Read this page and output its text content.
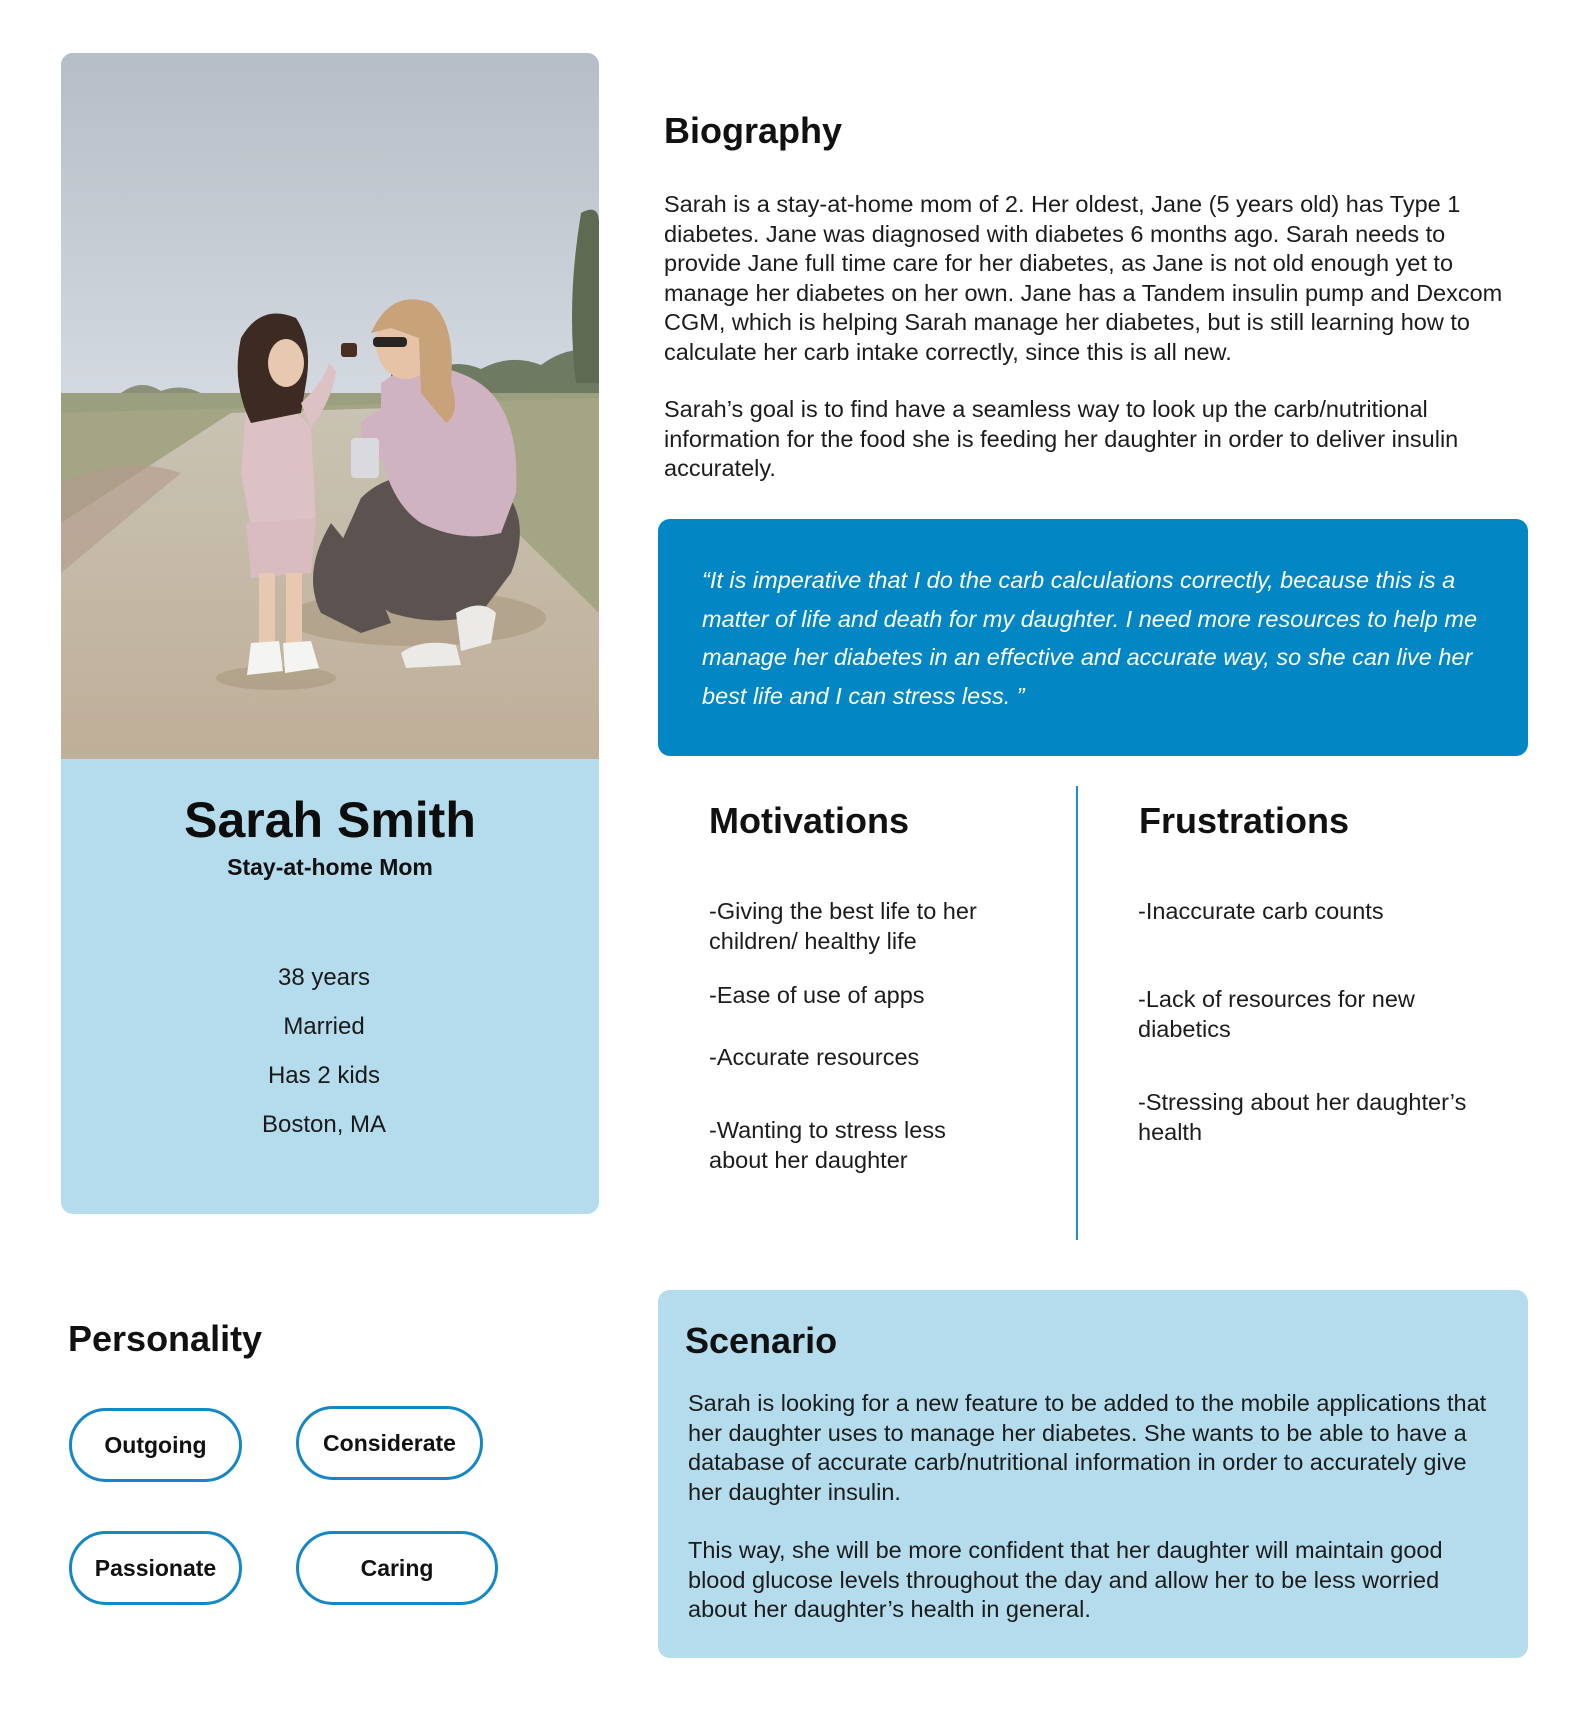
Sarah Smith
Stay-at-home Mom
38 years
Married
Has 2 kids
Boston, MA
Biography

Sarah is a stay-at-home mom of 2. Her oldest, Jane (5 years old) has Type 1 diabetes. Jane was diagnosed with diabetes 6 months ago. Sarah needs to provide Jane full time care for her diabetes, as Jane is not old enough yet to manage her diabetes on her own. Jane has a Tandem insulin pump and Dexcom CGM, which is helping Sarah manage her diabetes, but is still learning how to calculate her carb intake correctly, since this is all new.

Sarah’s goal is to find have a seamless way to look up the carb/nutritional information for the food she is feeding her daughter in order to deliver insulin accurately.

“It is imperative that I do the carb calculations correctly, because this is a matter of life and death for my daughter. I need more resources to help me manage her diabetes in an effective and accurate way, so she can live her best life and I can stress less. ”

Motivations

-Giving the best life to her children/ healthy life

-Ease of use of apps

-Accurate resources

-Wanting to stress less about her daughter

Frustrations

-Inaccurate carb counts

-Lack of resources for new diabetics

-Stressing about her daughter’s health

Personality
Outgoing	Considerate
Passionate	Caring
Scenario

Sarah is looking for a new feature to be added to the mobile applications that her daughter uses to manage her diabetes. She wants to be able to have a database of accurate carb/nutritional information in order to accurately give her daughter insulin.

This way, she will be more confident that her daughter will maintain good blood glucose levels throughout the day and allow her to be less worried about her daughter’s health in general.
